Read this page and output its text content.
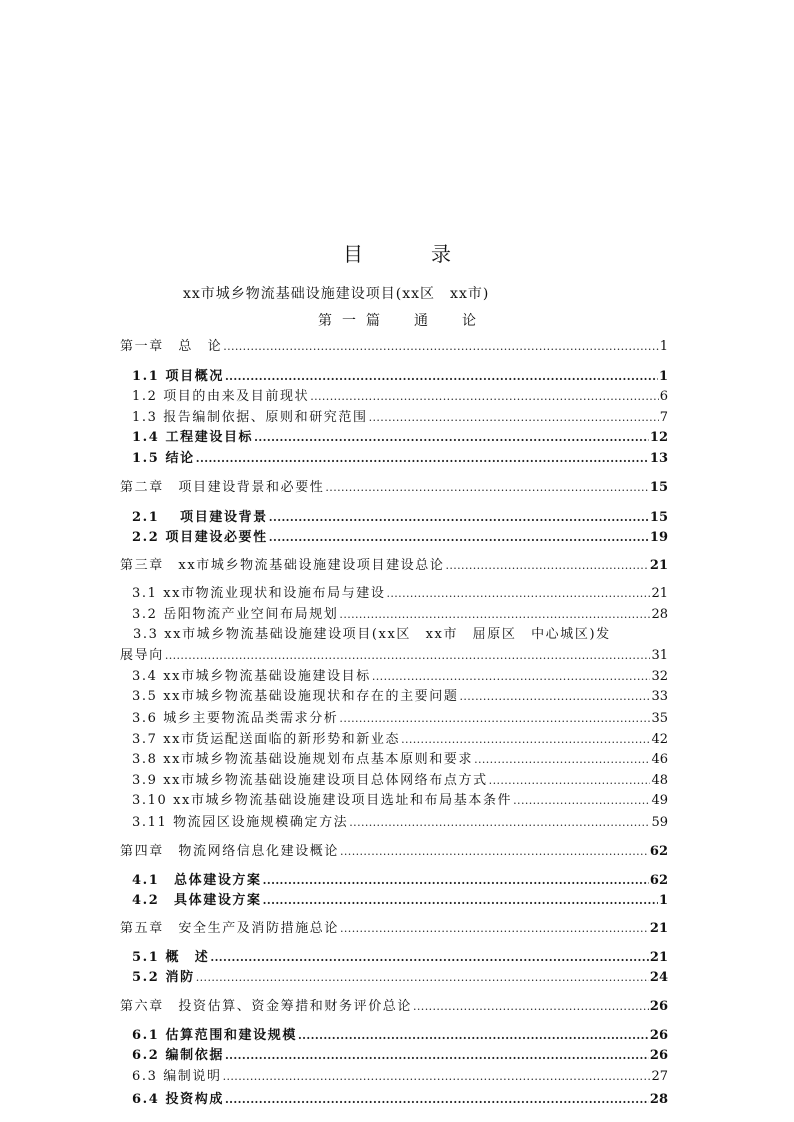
目　录
xx市城乡物流基础设施建设项目(xx区　xx市)
第一篇　通　论
第一章　总　论 .....	1
1.1 项目概况 .....	1
1.2 项目的由来及目前现状 .....	6
1.3 报告编制依据、原则和研究范围 .....	7
1.4 工程建设目标 .....	12
1.5 结论 .....	13
第二章　项目建设背景和必要性 .....	15
2.1　 项目建设背景 .....	15
2.2 项目建设必要性 .....	19
第三章　xx市城乡物流基础设施建设项目建设总论 .....	21
3.1 xx市物流业现状和设施布局与建设 .....	21
3.2 岳阳物流产业空间布局规划 .....	28
3.3 xx市城乡物流基础设施建设项目(xx区　xx市　屈原区　中心城区)发
展导向 .....	31
3.4 xx市城乡物流基础设施建设目标 .....	32
3.5 xx市城乡物流基础设施现状和存在的主要问题 .....	33
3.6 城乡主要物流品类需求分析 .....	35
3.7 xx市货运配送面临的新形势和新业态 .....	42
3.8 xx市城乡物流基础设施规划布点基本原则和要求 .....	46
3.9 xx市城乡物流基础设施建设项目总体网络布点方式 .....	48
3.10 xx市城乡物流基础设施建设项目选址和布局基本条件 .....	49
3.11 物流园区设施规模确定方法 .....	59
第四章　物流网络信息化建设概论 .....	62
4.1　总体建设方案 .....	62
4.2　具体建设方案 .....	1
第五章　安全生产及消防措施总论 .....	21
5.1 概　述 .....	21
5.2 消防 .....	24
第六章　投资估算、资金筹措和财务评价总论 .....	26
6.1 估算范围和建设规模 .....	26
6.2 编制依据 .....	26
6.3 编制说明 .....	27
6.4 投资构成 .....	28
